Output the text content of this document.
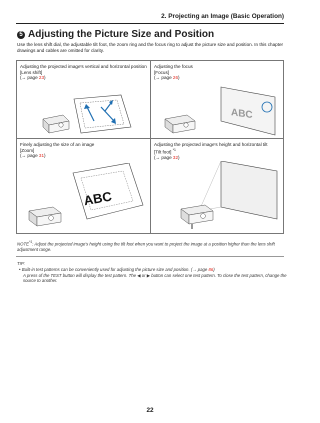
2. Projecting an Image (Basic Operation)
5 Adjusting the Picture Size and Position
Use the lens shift dial, the adjustable tilt foot, the zoom ring and the focus ring to adjust the picture size and position. In this chapter drawings and cables are omitted for clarity.
Adjusting the projected image's vertical and horizontal position
[Lens shift]
(→ page 23)
Adjusting the focus
[Focus]
(→ page 26)
ABC
Finely adjusting the size of an image
[Zoom]
(→ page 31)
ABC
Adjusting the projected image's height and horizontal tilt
[Tilt foot] $^{*1}$
(→ page 32)
NOTE$^{*1}$: Adjust the projected image's height using the tilt foot when you want to project the image at a position higher than the lens shift adjustment range.
TIP:
• Built-in test patterns can be conveniently used for adjusting the picture size and position. (→ page 86)
A press of the TEST button will display the test pattern. The ◀ or ▶ button can select one test pattern. To close the test pattern, change the source to another.
22
